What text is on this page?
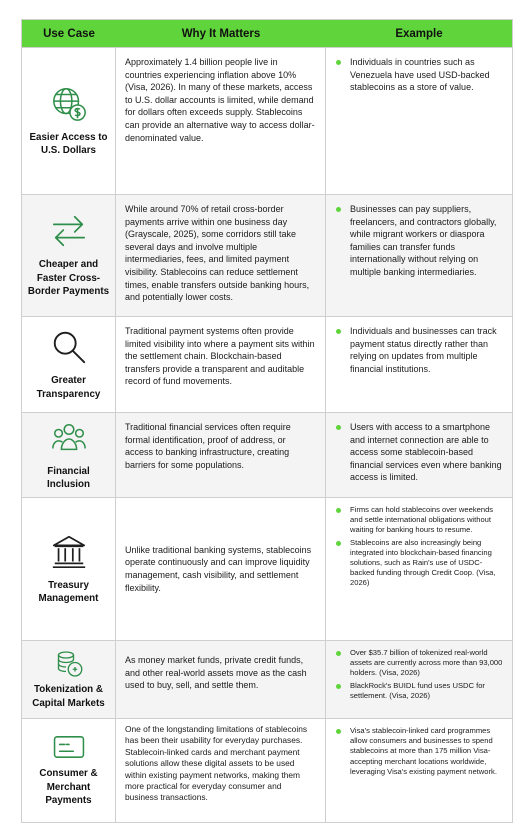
Use Case	Why It Matters	Example
Easier Access to U.S. Dollars
Approximately 1.4 billion people live in countries experiencing inflation above 10% (Visa, 2026). In many of these markets, access to U.S. dollar accounts is limited, while demand for dollars often exceeds supply. Stablecoins can provide an alternative way to access dollar-denominated value.
Individuals in countries such as Venezuela have used USD-backed stablecoins as a store of value.
Cheaper and Faster Cross-Border Payments
While around 70% of retail cross-border payments arrive within one business day (Grayscale, 2025), some corridors still take several days and involve multiple intermediaries, fees, and limited payment visibility. Stablecoins can reduce settlement times, enable transfers outside banking hours, and potentially lower costs.
Businesses can pay suppliers, freelancers, and contractors globally, while migrant workers or diaspora families can transfer funds internationally without relying on multiple banking intermediaries.
Greater Transparency
Traditional payment systems often provide limited visibility into where a payment sits within the settlement chain. Blockchain-based transfers provide a transparent and auditable record of fund movements.
Individuals and businesses can track payment status directly rather than relying on updates from multiple financial institutions.
Financial Inclusion
Traditional financial services often require formal identification, proof of address, or access to banking infrastructure, creating barriers for some populations.
Users with access to a smartphone and internet connection are able to access some stablecoin-based financial services even where banking access is limited.
Treasury Management
Unlike traditional banking systems, stablecoins operate continuously and can improve liquidity management, cash visibility, and settlement flexibility.
Firms can hold stablecoins over weekends and settle international obligations without waiting for banking hours to resume.
Stablecoins are also increasingly being integrated into blockchain-based financing solutions, such as Rain's use of USDC-backed funding through Credit Coop. (Visa, 2026)
Tokenization & Capital Markets
As money market funds, private credit funds, and other real-world assets move as the cash used to buy, sell, and settle them.
Over $35.7 billion of tokenized real-world assets are currently across more than 93,000 holders. (Visa, 2026)
BlackRock's BUIDL fund uses USDC for settlement. (Visa, 2026)
Consumer & Merchant Payments
One of the longstanding limitations of stablecoins has been their usability for everyday purchases. Stablecoin-linked cards and merchant payment solutions allow these digital assets to be used within existing payment networks, making them more practical for everyday consumer and business transactions.
Visa's stablecoin-linked card programmes allow consumers and businesses to spend stablecoins at more than 175 million Visa-accepting merchant locations worldwide, leveraging Visa's existing payment network.
